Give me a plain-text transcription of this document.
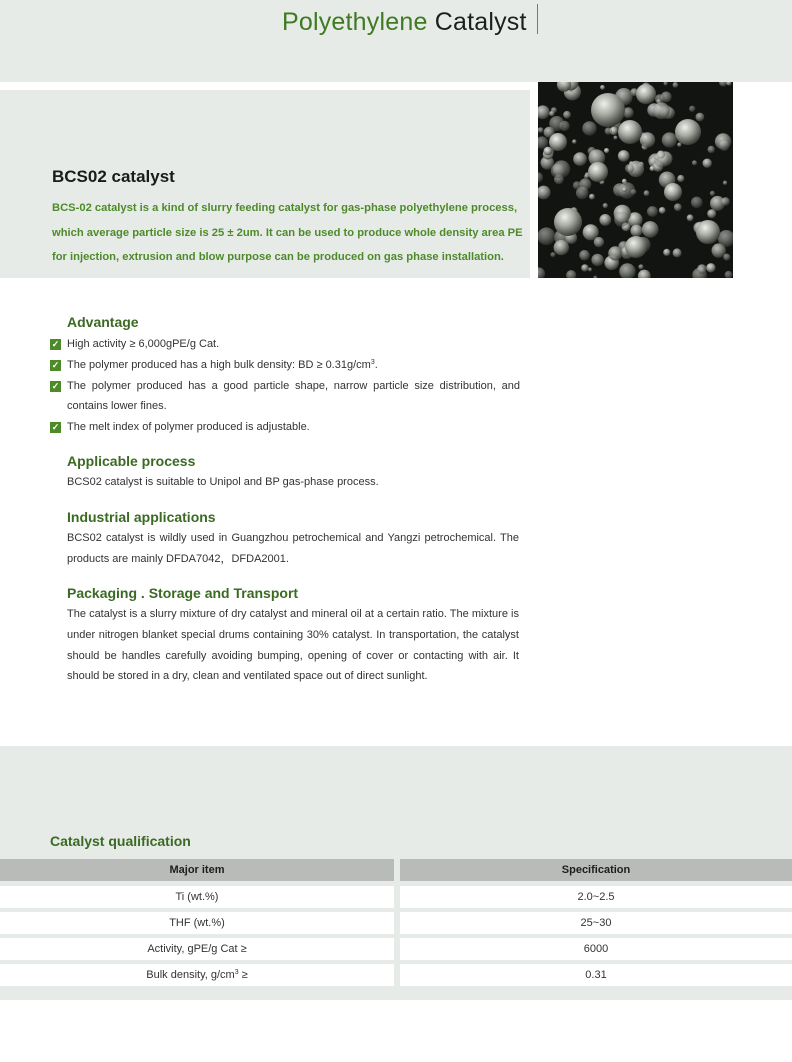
Polyethylene Catalyst
BCS02 catalyst
BCS-02 catalyst is a kind of slurry feeding catalyst for gas-phase polyethylene process, which average particle size is 25 ± 2um. It can be used to produce whole density area PE for injection, extrusion and blow purpose can be produced on gas phase installation.
Advantage
✓ High activity ≥ 6,000gPE/g Cat.
✓ The polymer produced has a high bulk density: BD ≥ $0.31g/cm^3$.
✓ The polymer produced has a good particle shape, narrow particle size distribution, and contains lower fines.
✓ The melt index of polymer produced is adjustable.
Applicable process
BCS02 catalyst is suitable to Unipol and BP gas-phase process.
Industrial applications
BCS02 catalyst is wildly used in Guangzhou petrochemical and Yangzi petrochemical. The products are mainly DFDA7042，DFDA2001.
Packaging . Storage and Transport
The catalyst is a slurry mixture of dry catalyst and mineral oil at a certain ratio. The mixture is under nitrogen blanket special drums containing 30% catalyst. In transportation, the catalyst should be handles carefully avoiding bumping, opening of cover or contacting with air. It should be stored in a dry, clean and ventilated space out of direct sunlight.
Catalyst qualification
Major item	Specification
Ti (wt.%)	2.0~2.5
THF (wt.%)	25~30
Activity, gPE/g Cat ≥	6000
Bulk density, $g/cm^3$ ≥	0.31
